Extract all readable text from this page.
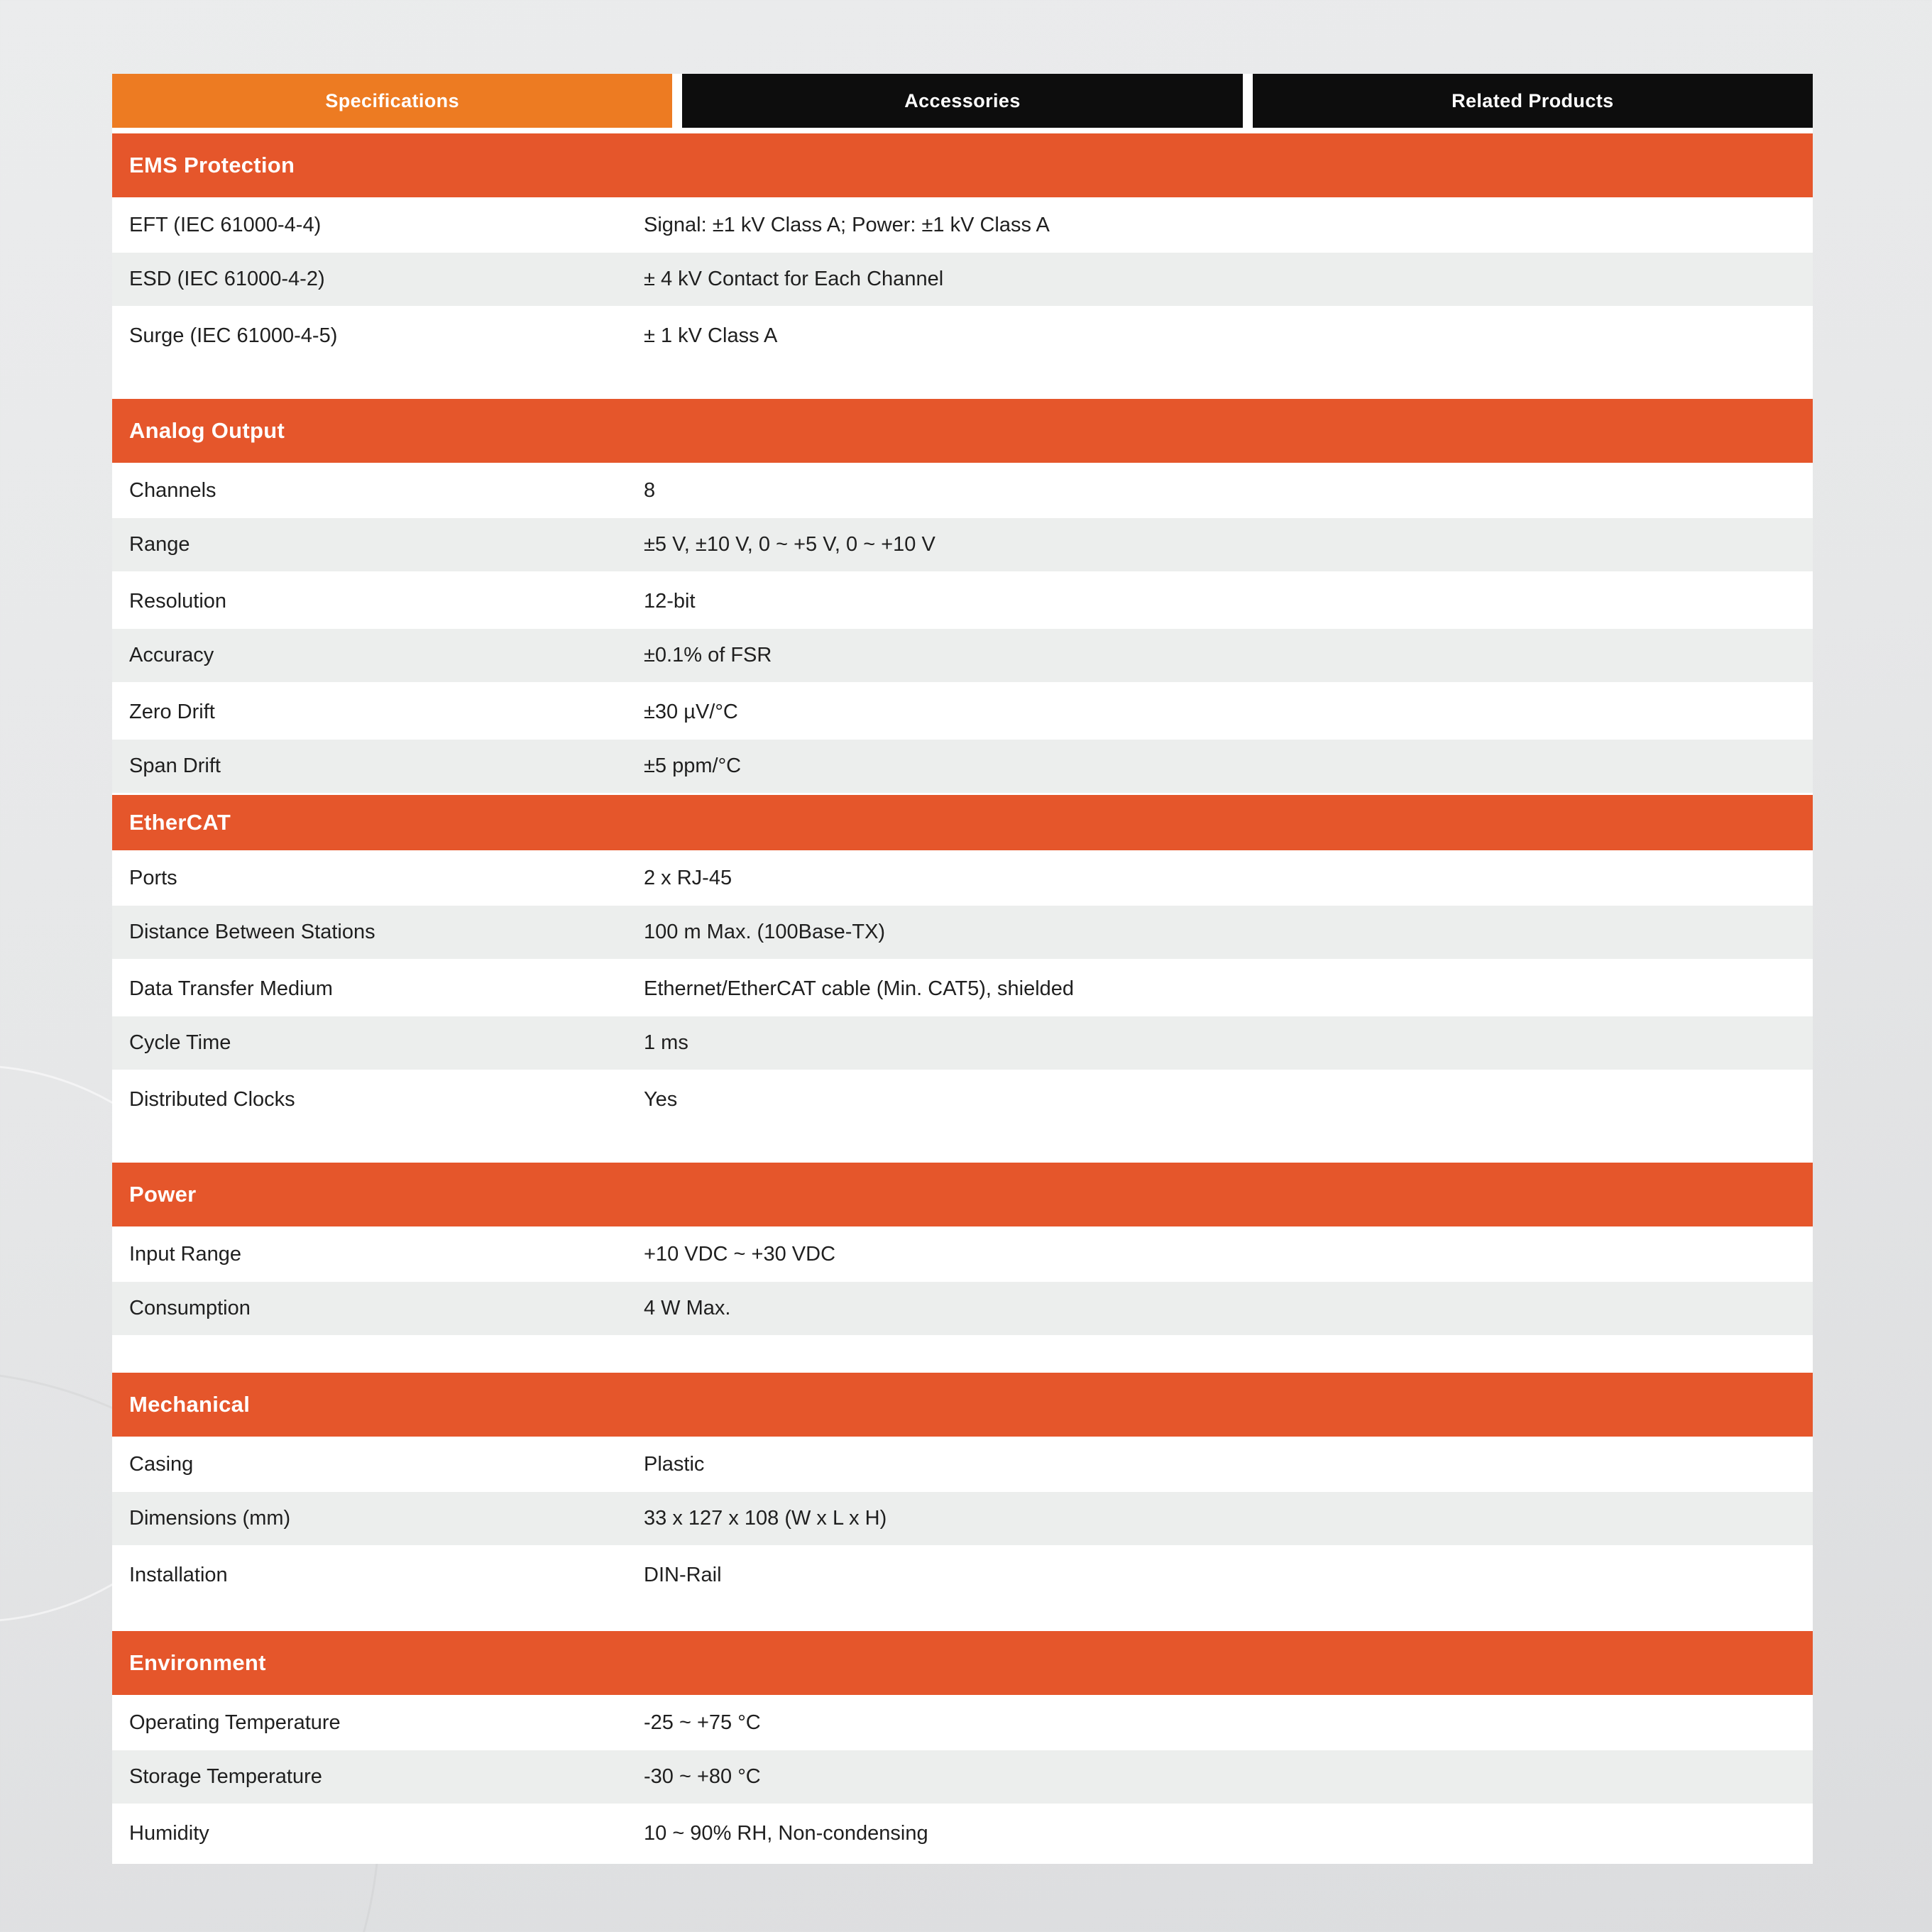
Specifications	Accessories	Related Products
EMS Protection
EFT (IEC 61000-4-4)	Signal: ±1 kV Class A; Power: ±1 kV Class A
ESD (IEC 61000-4-2)	± 4 kV Contact for Each Channel
Surge (IEC 61000-4-5)	± 1 kV Class A
Analog Output
Channels	8
Range	±5 V, ±10 V, 0 ~ +5 V, 0 ~ +10 V
Resolution	12-bit
Accuracy	±0.1% of FSR
Zero Drift	±30 µV/°C
Span Drift	±5 ppm/°C
EtherCAT
Ports	2 x RJ-45
Distance Between Stations	100 m Max. (100Base-TX)
Data Transfer Medium	Ethernet/EtherCAT cable (Min. CAT5), shielded
Cycle Time	1 ms
Distributed Clocks	Yes
Power
Input Range	+10 VDC ~ +30 VDC
Consumption	4 W Max.
Mechanical
Casing	Plastic
Dimensions (mm)	33 x 127 x 108 (W x L x H)
Installation	DIN-Rail
Environment
Operating Temperature	-25 ~ +75 °C
Storage Temperature	-30 ~ +80 °C
Humidity	10 ~ 90% RH, Non-condensing
